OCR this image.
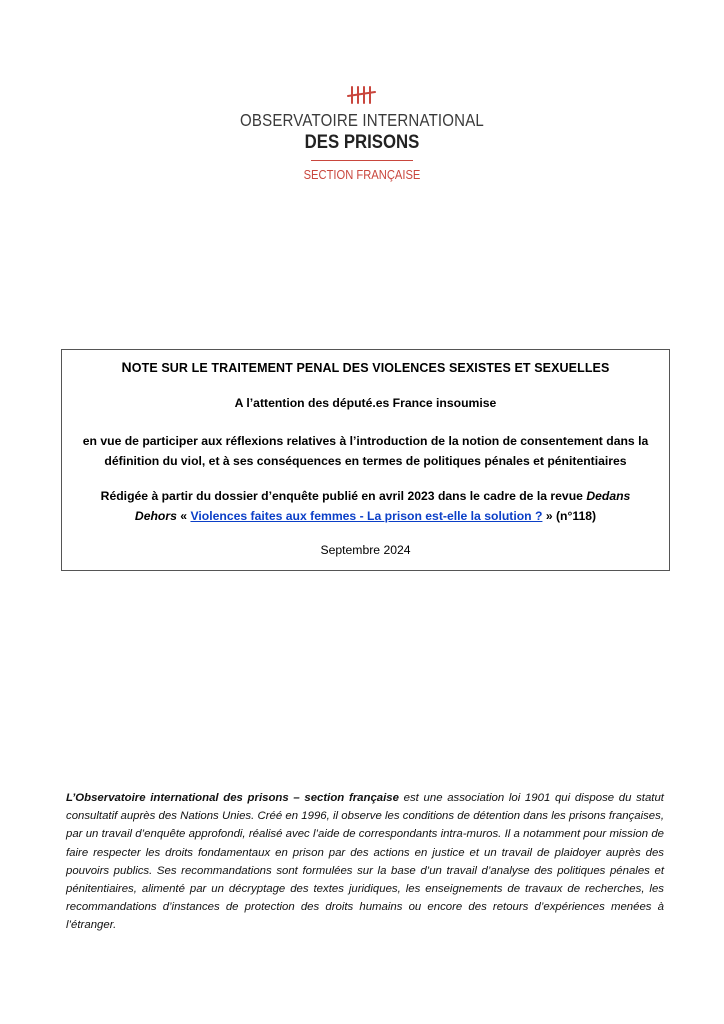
OBSERVATOIRE INTERNATIONAL
DES PRISONS
SECTION FRANÇAISE
NOTE SUR LE TRAITEMENT PENAL DES VIOLENCES SEXISTES ET SEXUELLES
A l’attention des député.es France insoumise
en vue de participer aux réflexions relatives à l’introduction de la notion de consentement dans la définition du viol, et à ses conséquences en termes de politiques pénales et pénitentiaires
Rédigée à partir du dossier d’enquête publié en avril 2023 dans le cadre de la revue Dedans Dehors « Violences faites aux femmes - La prison est-elle la solution ? » (n°118)
Septembre 2024
L’Observatoire international des prisons – section française est une association loi 1901 qui dispose du statut consultatif auprès des Nations Unies. Créé en 1996, il observe les conditions de détention dans les prisons françaises, par un travail d’enquête approfondi, réalisé avec l’aide de correspondants intra-muros. Il a notamment pour mission de faire respecter les droits fondamentaux en prison par des actions en justice et un travail de plaidoyer auprès des pouvoirs publics. Ses recommandations sont formulées sur la base d’un travail d’analyse des politiques pénales et pénitentiaires, alimenté par un décryptage des textes juridiques, les enseignements de travaux de recherches, les recommandations d’instances de protection des droits humains ou encore des retours d’expériences menées à l’étranger.
